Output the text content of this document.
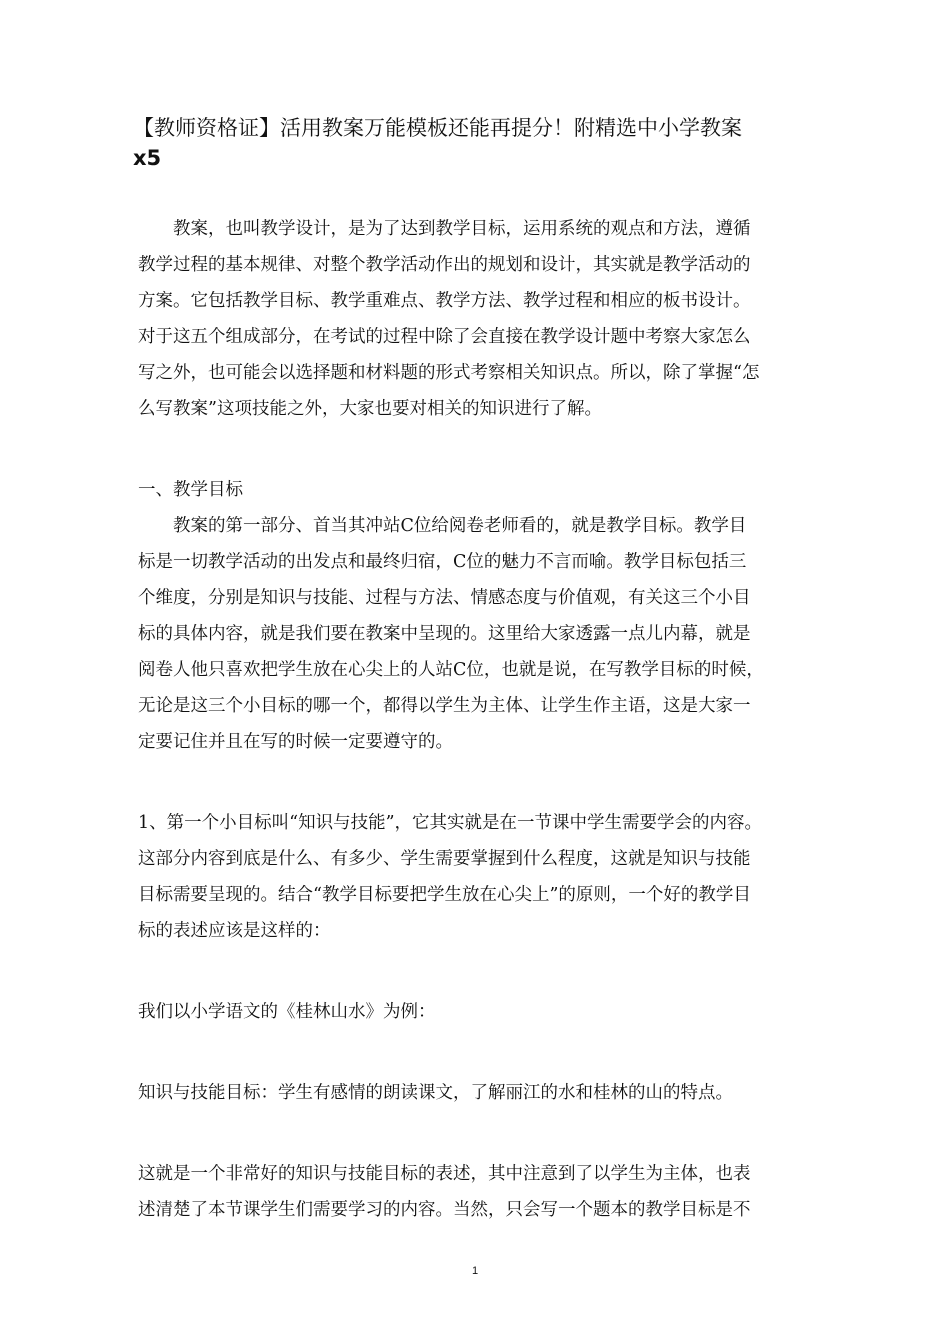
【教师资格证】活用教案万能模板还能再提分！附精选中小学教案
x5
　　教案，也叫教学设计，是为了达到教学目标，运用系统的观点和方法，遵循
教学过程的基本规律、对整个教学活动作出的规划和设计，其实就是教学活动的
方案。它包括教学目标、教学重难点、教学方法、教学过程和相应的板书设计。
对于这五个组成部分，在考试的过程中除了会直接在教学设计题中考察大家怎么
写之外，也可能会以选择题和材料题的形式考察相关知识点。所以，除了掌握“怎
么写教案”这项技能之外，大家也要对相关的知识进行了解。
一、教学目标
　　教案的第一部分、首当其冲站C位给阅卷老师看的，就是教学目标。教学目
标是一切教学活动的出发点和最终归宿，C位的魅力不言而喻。教学目标包括三
个维度，分别是知识与技能、过程与方法、情感态度与价值观，有关这三个小目
标的具体内容，就是我们要在教案中呈现的。这里给大家透露一点儿内幕，就是
阅卷人他只喜欢把学生放在心尖上的人站C位，也就是说，在写教学目标的时候，
无论是这三个小目标的哪一个，都得以学生为主体、让学生作主语，这是大家一
定要记住并且在写的时候一定要遵守的。
1、第一个小目标叫“知识与技能”，它其实就是在一节课中学生需要学会的内容。
这部分内容到底是什么、有多少、学生需要掌握到什么程度，这就是知识与技能
目标需要呈现的。结合“教学目标要把学生放在心尖上”的原则，一个好的教学目
标的表述应该是这样的：
我们以小学语文的《桂林山水》为例：
知识与技能目标：学生有感情的朗读课文，了解丽江的水和桂林的山的特点。
这就是一个非常好的知识与技能目标的表述，其中注意到了以学生为主体，也表
述清楚了本节课学生们需要学习的内容。当然，只会写一个题本的教学目标是不
1
